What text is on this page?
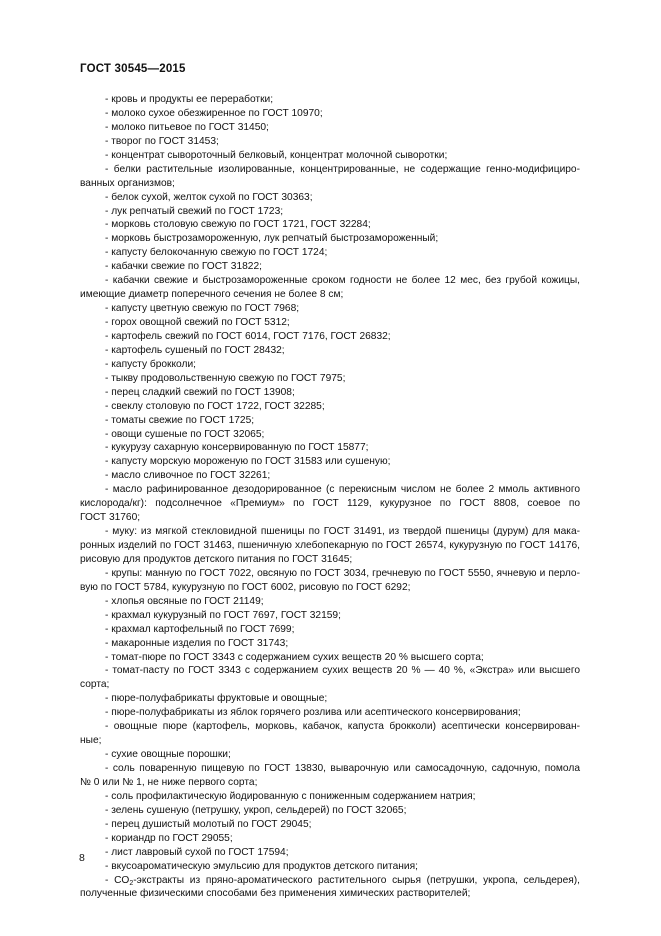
ГОСТ 30545—2015
- кровь и продукты ее переработки;
- молоко сухое обезжиренное по ГОСТ 10970;
- молоко питьевое по ГОСТ 31450;
- творог по ГОСТ 31453;
- концентрат сывороточный белковый, концентрат молочной сыворотки;
- белки растительные изолированные, концентрированные, не содержащие генно-модифициро-
ванных организмов;
- белок сухой, желток сухой по ГОСТ 30363;
- лук репчатый свежий по ГОСТ 1723;
- морковь столовую свежую по ГОСТ 1721, ГОСТ 32284;
- морковь быстрозамороженную, лук репчатый быстрозамороженный;
- капусту белокочанную свежую по ГОСТ 1724;
- кабачки свежие по ГОСТ 31822;
- кабачки свежие и быстрозамороженные сроком годности не более 12 мес, без грубой кожицы,
имеющие диаметр поперечного сечения не более 8 см;
- капусту цветную свежую по ГОСТ 7968;
- горох овощной свежий по ГОСТ 5312;
- картофель свежий по ГОСТ 6014, ГОСТ 7176, ГОСТ 26832;
- картофель сушеный по ГОСТ 28432;
- капусту брокколи;
- тыкву продовольственную свежую по ГОСТ 7975;
- перец сладкий свежий по ГОСТ 13908;
- свеклу столовую по ГОСТ 1722, ГОСТ 32285;
- томаты свежие по ГОСТ 1725;
- овощи сушеные по ГОСТ 32065;
- кукурузу сахарную консервированную по ГОСТ 15877;
- капусту морскую мороженую по ГОСТ 31583 или сушеную;
- масло сливочное по ГОСТ 32261;
- масло рафинированное дезодорированное (с перекисным числом не более 2 ммоль активного
кислорода/кг): подсолнечное «Премиум» по ГОСТ 1129, кукурузное по ГОСТ 8808, соевое по
ГОСТ 31760;
- муку: из мягкой стекловидной пшеницы по ГОСТ 31491, из твердой пшеницы (дурум) для мака-
ронных изделий по ГОСТ 31463, пшеничную хлебопекарную по ГОСТ 26574, кукурузную по ГОСТ 14176,
рисовую для продуктов детского питания по ГОСТ 31645;
- крупы: манную по ГОСТ 7022, овсяную по ГОСТ 3034, гречневую по ГОСТ 5550, ячневую и перло-
вую по ГОСТ 5784, кукурузную по ГОСТ 6002, рисовую по ГОСТ 6292;
- хлопья овсяные по ГОСТ 21149;
- крахмал кукурузный по ГОСТ 7697, ГОСТ 32159;
- крахмал картофельный по ГОСТ 7699;
- макаронные изделия по ГОСТ 31743;
- томат-пюре по ГОСТ 3343 с содержанием сухих веществ 20 % высшего сорта;
- томат-пасту по ГОСТ 3343 с содержанием сухих веществ 20 % — 40 %, «Экстра» или высшего
сорта;
- пюре-полуфабрикаты фруктовые и овощные;
- пюре-полуфабрикаты из яблок горячего розлива или асептического консервирования;
- овощные пюре (картофель, морковь, кабачок, капуста брокколи) асептически консервирован-
ные;
- сухие овощные порошки;
- соль поваренную пищевую по ГОСТ 13830, выварочную или самосадочную, садочную, помола
№ 0 или № 1, не ниже первого сорта;
- соль профилактическую йодированную с пониженным содержанием натрия;
- зелень сушеную (петрушку, укроп, сельдерей) по ГОСТ 32065;
- перец душистый молотый по ГОСТ 29045;
- кориандр по ГОСТ 29055;
- лист лавровый сухой по ГОСТ 17594;
- вкусоароматическую эмульсию для продуктов детского питания;
- $CO_2$-экстракты из пряно-ароматического растительного сырья (петрушки, укропа, сельдерея),
полученные физическими способами без применения химических растворителей;
8
